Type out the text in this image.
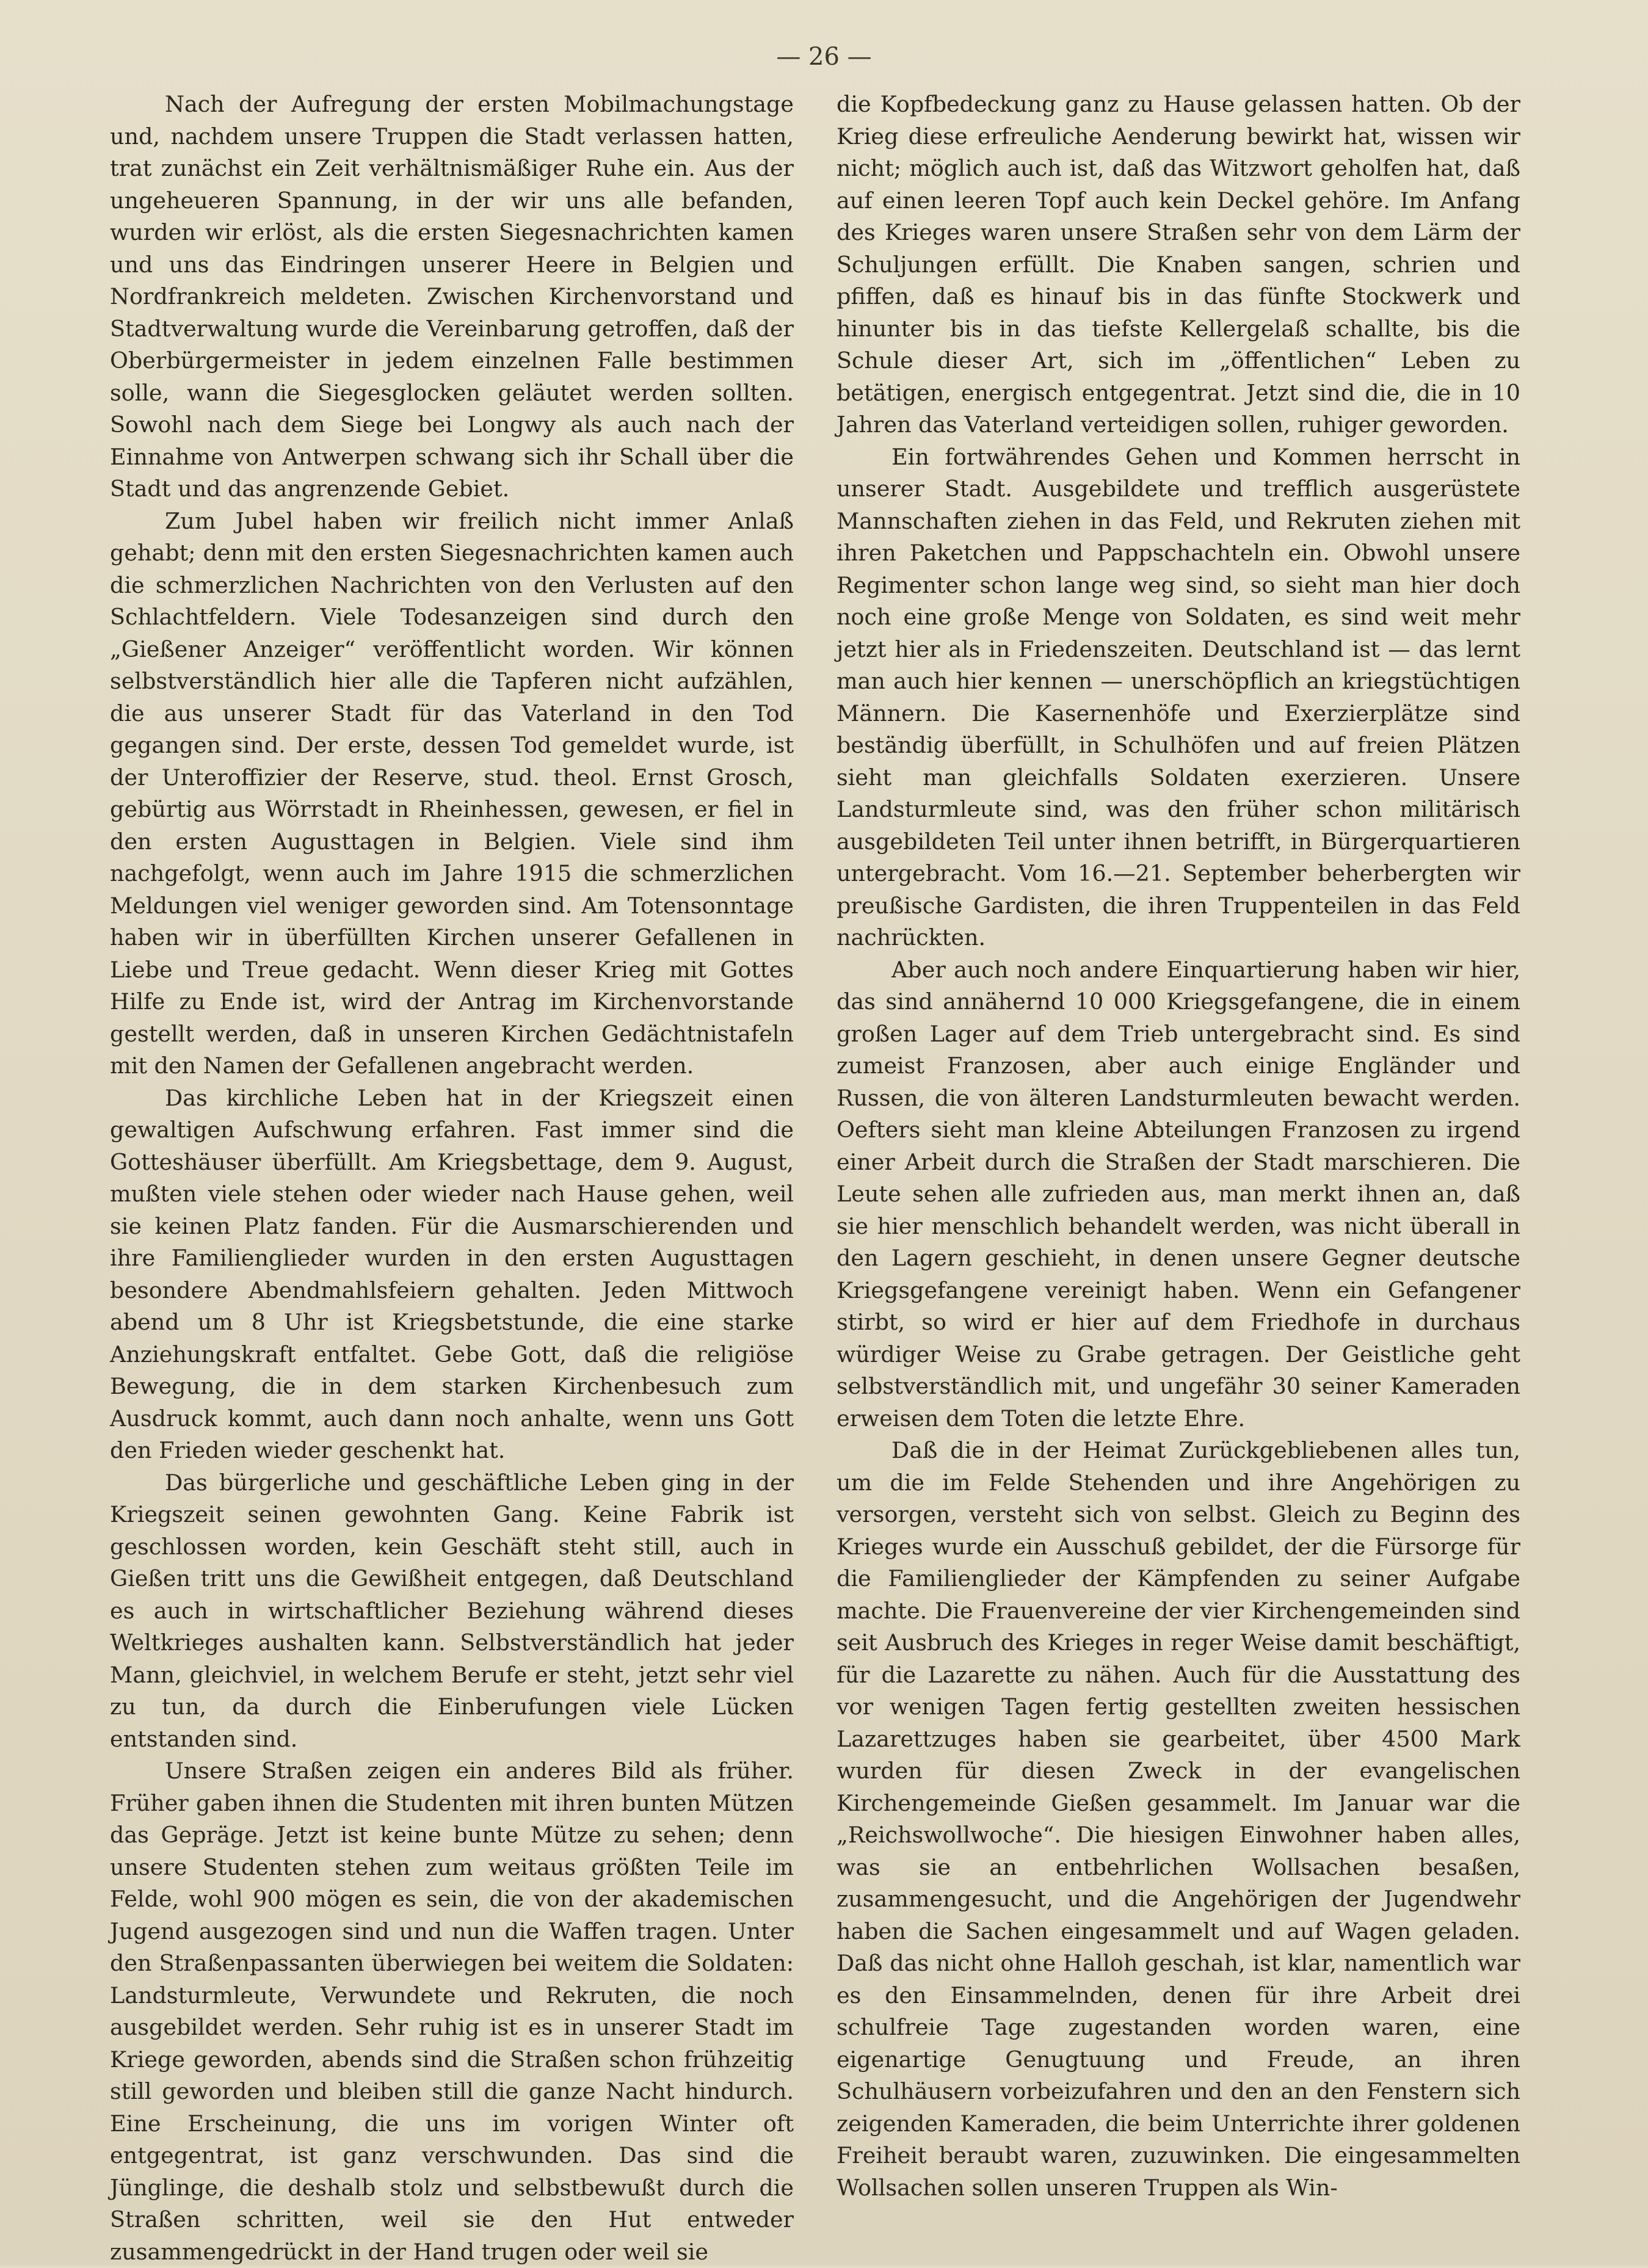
— 26 —

Nach der Aufregung der ersten Mobilmachungstage und, nachdem unsere Truppen die Stadt verlassen hatten, trat zunächst ein Zeit verhältnismäßiger Ruhe ein. Aus der ungeheueren Spannung, in der wir uns alle befanden, wurden wir erlöst, als die ersten Siegesnachrichten kamen und uns das Eindringen unserer Heere in Belgien und Nordfrankreich meldeten. Zwischen Kirchenvorstand und Stadtverwaltung wurde die Vereinbarung getroffen, daß der Oberbürgermeister in jedem einzelnen Falle bestimmen solle, wann die Siegesglocken geläutet werden sollten. Sowohl nach dem Siege bei Longwy als auch nach der Einnahme von Antwerpen schwang sich ihr Schall über die Stadt und das angrenzende Gebiet.

Zum Jubel haben wir freilich nicht immer Anlaß gehabt; denn mit den ersten Siegesnachrichten kamen auch die schmerzlichen Nachrichten von den Verlusten auf den Schlachtfeldern. Viele Todesanzeigen sind durch den „Gießener Anzeiger“ veröffentlicht worden. Wir können selbstverständlich hier alle die Tapferen nicht aufzählen, die aus unserer Stadt für das Vaterland in den Tod gegangen sind. Der erste, dessen Tod gemeldet wurde, ist der Unteroffizier der Reserve, stud. theol. Ernst Grosch, gebürtig aus Wörrstadt in Rheinhessen, gewesen, er fiel in den ersten Augusttagen in Belgien. Viele sind ihm nachgefolgt, wenn auch im Jahre 1915 die schmerzlichen Meldungen viel weniger geworden sind. Am Totensonntage haben wir in überfüllten Kirchen unserer Gefallenen in Liebe und Treue gedacht. Wenn dieser Krieg mit Gottes Hilfe zu Ende ist, wird der Antrag im Kirchenvorstande gestellt werden, daß in unseren Kirchen Gedächtnistafeln mit den Namen der Gefallenen angebracht werden.

Das kirchliche Leben hat in der Kriegszeit einen gewaltigen Aufschwung erfahren. Fast immer sind die Gotteshäuser überfüllt. Am Kriegsbettage, dem 9. August, mußten viele stehen oder wieder nach Hause gehen, weil sie keinen Platz fanden. Für die Ausmarschierenden und ihre Familienglieder wurden in den ersten Augusttagen besondere Abendmahlsfeiern gehalten. Jeden Mittwoch abend um 8 Uhr ist Kriegsbetstunde, die eine starke Anziehungskraft entfaltet. Gebe Gott, daß die religiöse Bewegung, die in dem starken Kirchenbesuch zum Ausdruck kommt, auch dann noch anhalte, wenn uns Gott den Frieden wieder geschenkt hat.

Das bürgerliche und geschäftliche Leben ging in der Kriegszeit seinen gewohnten Gang. Keine Fabrik ist geschlossen worden, kein Geschäft steht still, auch in Gießen tritt uns die Gewißheit entgegen, daß Deutschland es auch in wirtschaftlicher Beziehung während dieses Weltkrieges aushalten kann. Selbstverständlich hat jeder Mann, gleichviel, in welchem Berufe er steht, jetzt sehr viel zu tun, da durch die Einberufungen viele Lücken entstanden sind.

Unsere Straßen zeigen ein anderes Bild als früher. Früher gaben ihnen die Studenten mit ihren bunten Mützen das Gepräge. Jetzt ist keine bunte Mütze zu sehen; denn unsere Studenten stehen zum weitaus größten Teile im Felde, wohl 900 mögen es sein, die von der akademischen Jugend ausgezogen sind und nun die Waffen tragen. Unter den Straßenpassanten überwiegen bei weitem die Soldaten: Landsturmleute, Verwundete und Rekruten, die noch ausgebildet werden. Sehr ruhig ist es in unserer Stadt im Kriege geworden, abends sind die Straßen schon frühzeitig still geworden und bleiben still die ganze Nacht hindurch. Eine Erscheinung, die uns im vorigen Winter oft entgegentrat, ist ganz verschwunden. Das sind die Jünglinge, die deshalb stolz und selbstbewußt durch die Straßen schritten, weil sie den Hut entweder zusammengedrückt in der Hand trugen oder weil sie

die Kopfbedeckung ganz zu Hause gelassen hatten. Ob der Krieg diese erfreuliche Aenderung bewirkt hat, wissen wir nicht; möglich auch ist, daß das Witzwort geholfen hat, daß auf einen leeren Topf auch kein Deckel gehöre. Im Anfang des Krieges waren unsere Straßen sehr von dem Lärm der Schuljungen erfüllt. Die Knaben sangen, schrien und pfiffen, daß es hinauf bis in das fünfte Stockwerk und hinunter bis in das tiefste Kellergelaß schallte, bis die Schule dieser Art, sich im „öffentlichen“ Leben zu betätigen, energisch entgegentrat. Jetzt sind die, die in 10 Jahren das Vaterland verteidigen sollen, ruhiger geworden.

Ein fortwährendes Gehen und Kommen herrscht in unserer Stadt. Ausgebildete und trefflich ausgerüstete Mannschaften ziehen in das Feld, und Rekruten ziehen mit ihren Paketchen und Pappschachteln ein. Obwohl unsere Regimenter schon lange weg sind, so sieht man hier doch noch eine große Menge von Soldaten, es sind weit mehr jetzt hier als in Friedenszeiten. Deutschland ist — das lernt man auch hier kennen — unerschöpflich an kriegstüchtigen Männern. Die Kasernenhöfe und Exerzierplätze sind beständig überfüllt, in Schulhöfen und auf freien Plätzen sieht man gleichfalls Soldaten exerzieren. Unsere Landsturmleute sind, was den früher schon militärisch ausgebildeten Teil unter ihnen betrifft, in Bürgerquartieren untergebracht. Vom 16.—21. September beherbergten wir preußische Gardisten, die ihren Truppenteilen in das Feld nachrückten.

Aber auch noch andere Einquartierung haben wir hier, das sind annähernd 10 000 Kriegsgefangene, die in einem großen Lager auf dem Trieb untergebracht sind. Es sind zumeist Franzosen, aber auch einige Engländer und Russen, die von älteren Landsturmleuten bewacht werden. Oefters sieht man kleine Abteilungen Franzosen zu irgend einer Arbeit durch die Straßen der Stadt marschieren. Die Leute sehen alle zufrieden aus, man merkt ihnen an, daß sie hier menschlich behandelt werden, was nicht überall in den Lagern geschieht, in denen unsere Gegner deutsche Kriegsgefangene vereinigt haben. Wenn ein Gefangener stirbt, so wird er hier auf dem Friedhofe in durchaus würdiger Weise zu Grabe getragen. Der Geistliche geht selbstverständlich mit, und ungefähr 30 seiner Kameraden erweisen dem Toten die letzte Ehre.

Daß die in der Heimat Zurückgebliebenen alles tun, um die im Felde Stehenden und ihre Angehörigen zu versorgen, versteht sich von selbst. Gleich zu Beginn des Krieges wurde ein Ausschuß gebildet, der die Fürsorge für die Familienglieder der Kämpfenden zu seiner Aufgabe machte. Die Frauenvereine der vier Kirchengemeinden sind seit Ausbruch des Krieges in reger Weise damit beschäftigt, für die Lazarette zu nähen. Auch für die Ausstattung des vor wenigen Tagen fertig gestellten zweiten hessischen Lazarettzuges haben sie gearbeitet, über 4500 Mark wurden für diesen Zweck in der evangelischen Kirchengemeinde Gießen gesammelt. Im Januar war die „Reichswollwoche“. Die hiesigen Einwohner haben alles, was sie an entbehrlichen Wollsachen besaßen, zusammengesucht, und die Angehörigen der Jugendwehr haben die Sachen eingesammelt und auf Wagen geladen. Daß das nicht ohne Halloh geschah, ist klar, namentlich war es den Einsammelnden, denen für ihre Arbeit drei schulfreie Tage zugestanden worden waren, eine eigenartige Genugtuung und Freude, an ihren Schulhäusern vorbeizufahren und den an den Fenstern sich zeigenden Kameraden, die beim Unterrichte ihrer goldenen Freiheit beraubt waren, zuzuwinken. Die eingesammelten Wollsachen sollen unseren Truppen als Win-
